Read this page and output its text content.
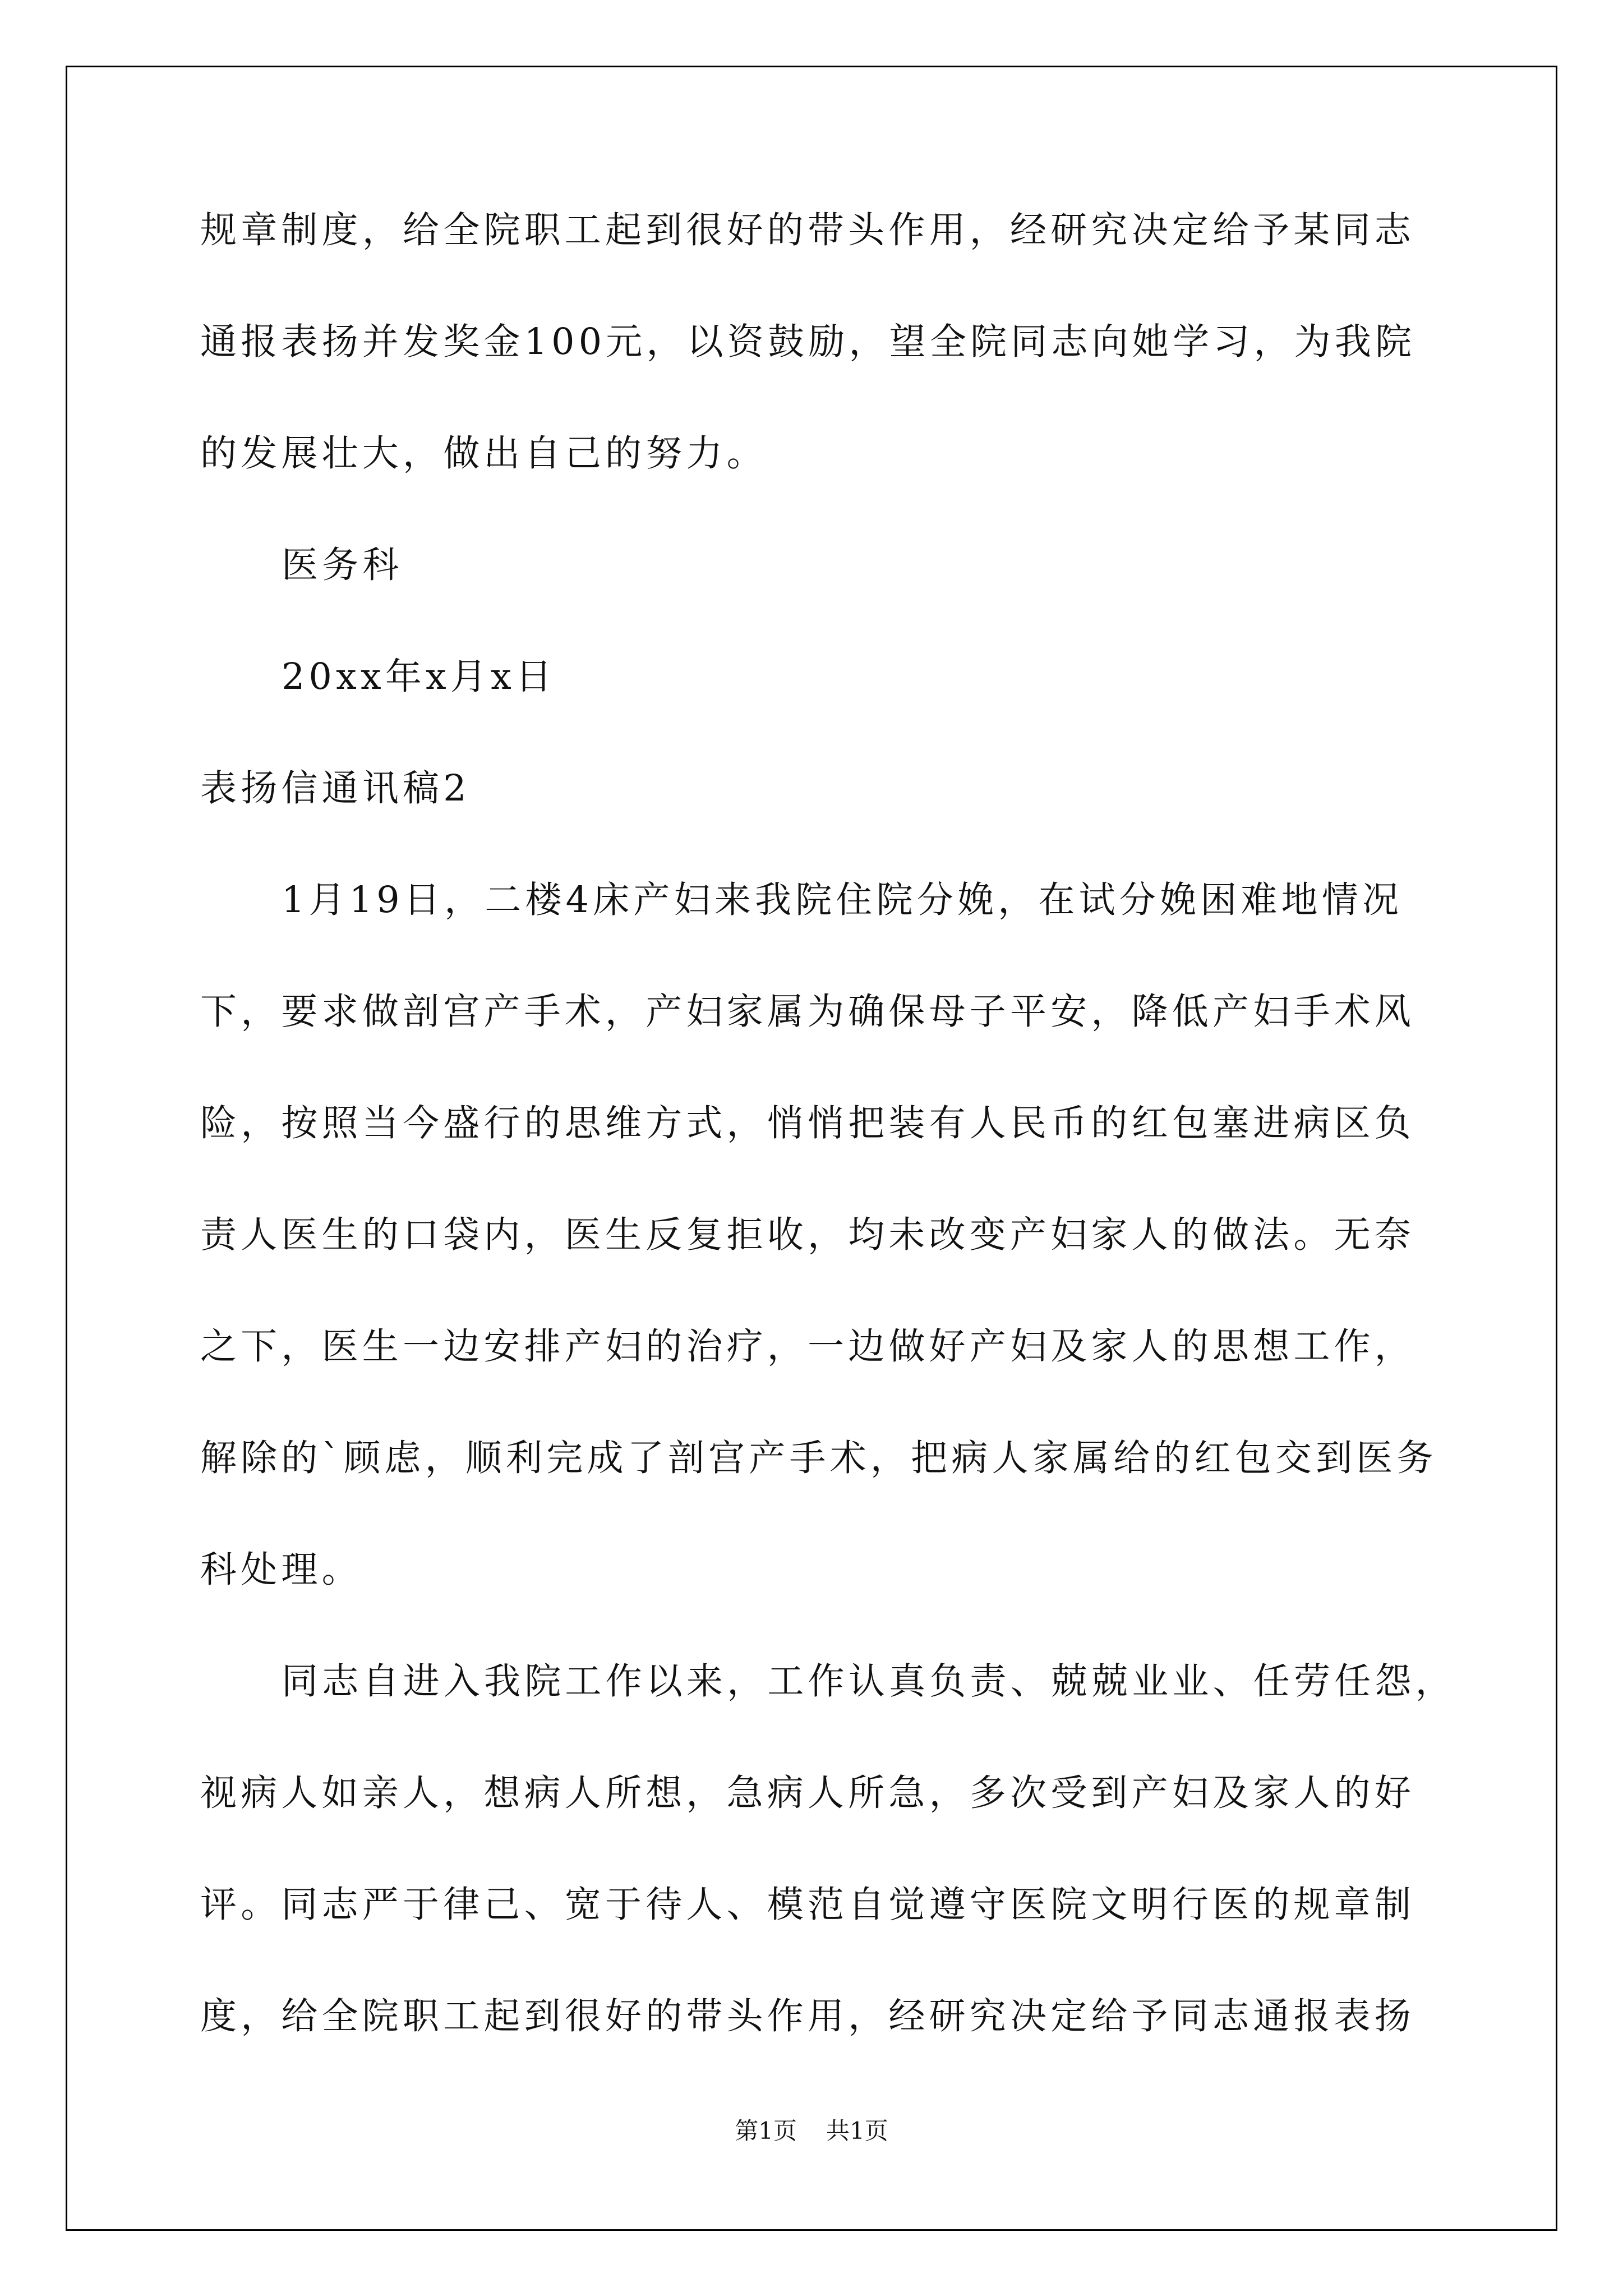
规章制度，给全院职工起到很好的带头作用，经研究决定给予某同志
通报表扬并发奖金100元，以资鼓励，望全院同志向她学习，为我院
的发展壮大，做出自己的努力。
医务科
20xx年x月x日
表扬信通讯稿2
1月19日，二楼4床产妇来我院住院分娩，在试分娩困难地情况
下，要求做剖宫产手术，产妇家属为确保母子平安，降低产妇手术风
险，按照当今盛行的思维方式，悄悄把装有人民币的红包塞进病区负
责人医生的口袋内，医生反复拒收，均未改变产妇家人的做法。无奈
之下，医生一边安排产妇的治疗，一边做好产妇及家人的思想工作，
解除的`顾虑，顺利完成了剖宫产手术，把病人家属给的红包交到医务
科处理。
同志自进入我院工作以来，工作认真负责、兢兢业业、任劳任怨，
视病人如亲人，想病人所想，急病人所急，多次受到产妇及家人的好
评。同志严于律己、宽于待人、模范自觉遵守医院文明行医的规章制
度，给全院职工起到很好的带头作用，经研究决定给予同志通报表扬
第1页 共1页
